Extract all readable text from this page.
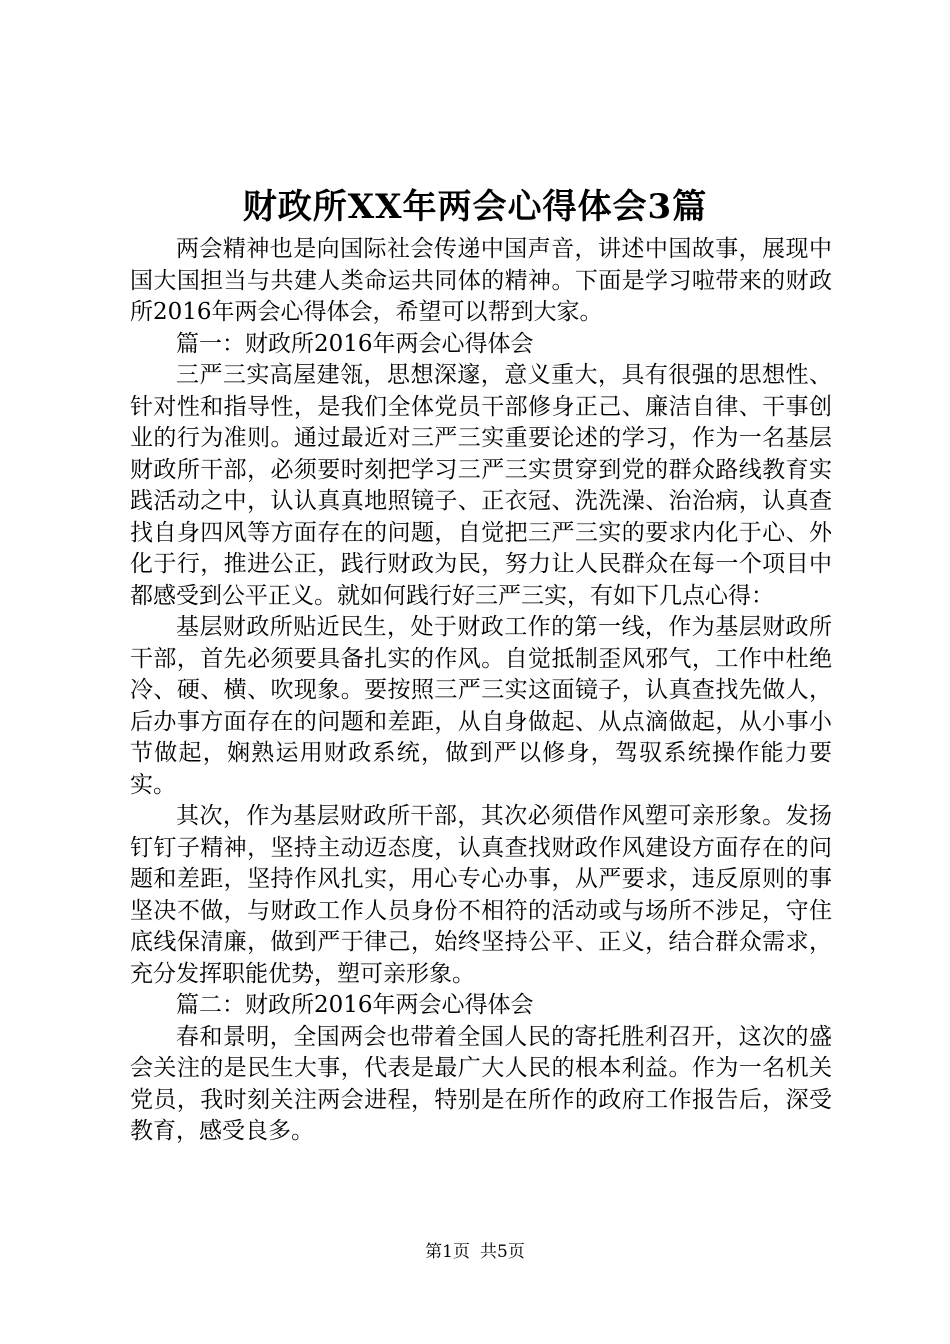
财政所XX年两会心得体会3篇

两会精神也是向国际社会传递中国声音，讲述中国故事，展现中国大国担当与共建人类命运共同体的精神。下面是学习啦带来的财政所2016年两会心得体会，希望可以帮到大家。

篇一：财政所2016年两会心得体会

三严三实高屋建瓴，思想深邃，意义重大，具有很强的思想性、针对性和指导性，是我们全体党员干部修身正己、廉洁自律、干事创业的行为准则。通过最近对三严三实重要论述的学习，作为一名基层财政所干部，必须要时刻把学习三严三实贯穿到党的群众路线教育实践活动之中，认认真真地照镜子、正衣冠、洗洗澡、治治病，认真查找自身四风等方面存在的问题，自觉把三严三实的要求内化于心、外化于行，推进公正，践行财政为民，努力让人民群众在每一个项目中都感受到公平正义。就如何践行好三严三实，有如下几点心得：

基层财政所贴近民生，处于财政工作的第一线，作为基层财政所干部，首先必须要具备扎实的作风。自觉抵制歪风邪气，工作中杜绝冷、硬、横、吹现象。要按照三严三实这面镜子，认真查找先做人，后办事方面存在的问题和差距，从自身做起、从点滴做起，从小事小节做起，娴熟运用财政系统，做到严以修身，驾驭系统操作能力要实。

其次，作为基层财政所干部，其次必须借作风塑可亲形象。发扬钉钉子精神，坚持主动迈态度，认真查找财政作风建设方面存在的问题和差距，坚持作风扎实，用心专心办事，从严要求，违反原则的事坚决不做，与财政工作人员身份不相符的活动或与场所不涉足，守住底线保清廉，做到严于律己，始终坚持公平、正义，结合群众需求，充分发挥职能优势，塑可亲形象。

篇二：财政所2016年两会心得体会

春和景明，全国两会也带着全国人民的寄托胜利召开，这次的盛会关注的是民生大事，代表是最广大人民的根本利益。作为一名机关党员，我时刻关注两会进程，特别是在所作的政府工作报告后，深受教育，感受良多。

第1页 共5页
